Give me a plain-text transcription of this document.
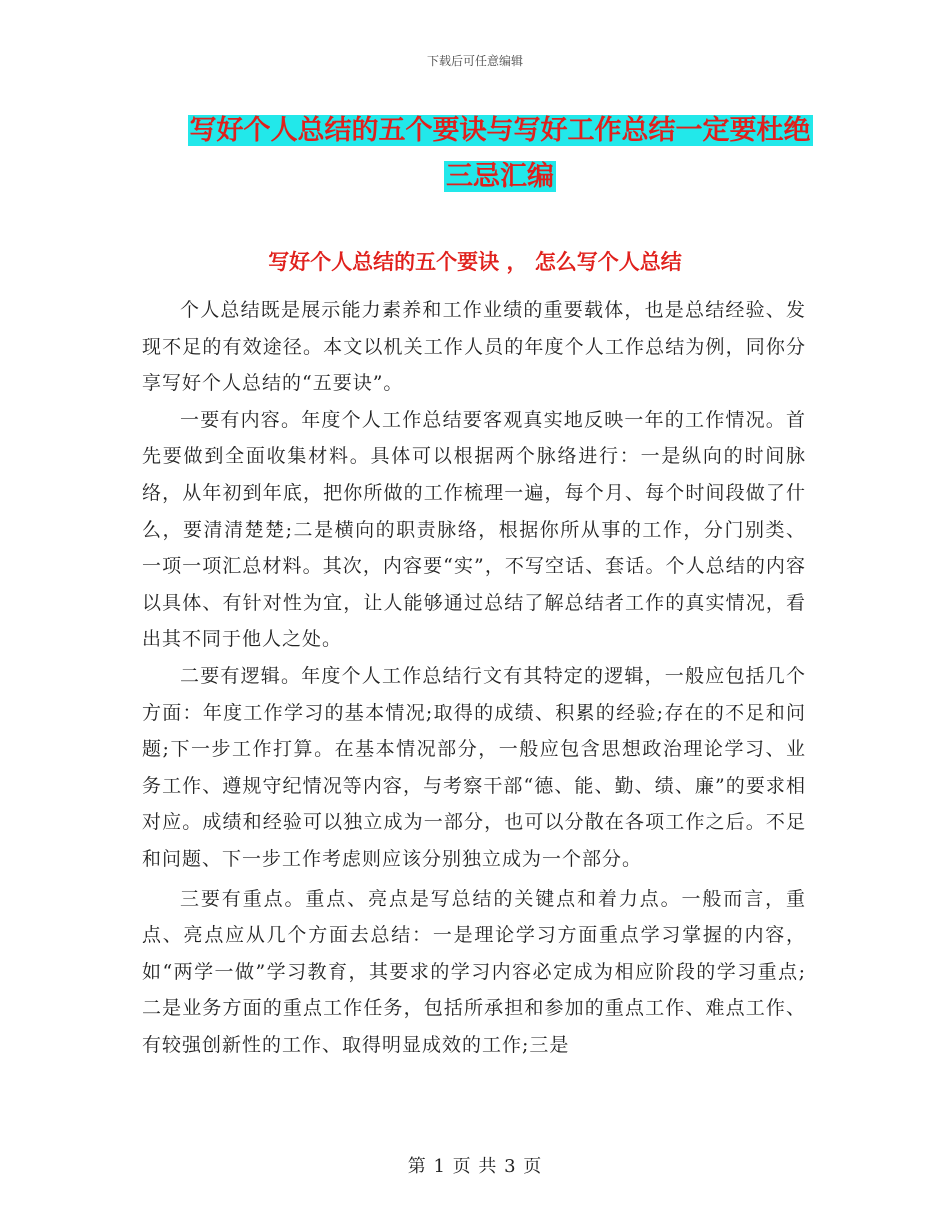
下载后可任意编辑
写好个人总结的五个要诀与写好工作总结一定要杜绝
三忌汇编
写好个人总结的五个要诀 ， 怎么写个人总结

个人总结既是展示能力素养和工作业绩的重要载体，也是总结经验、发现不足的有效途径。本文以机关工作人员的年度个人工作总结为例，同你分享写好个人总结的“五要诀”。

一要有内容。年度个人工作总结要客观真实地反映一年的工作情况。首先要做到全面收集材料。具体可以根据两个脉络进行：一是纵向的时间脉络，从年初到年底，把你所做的工作梳理一遍，每个月、每个时间段做了什么，要清清楚楚;二是横向的职责脉络，根据你所从事的工作，分门别类、一项一项汇总材料。其次，内容要“实”，不写空话、套话。个人总结的内容以具体、有针对性为宜，让人能够通过总结了解总结者工作的真实情况，看出其不同于他人之处。

二要有逻辑。年度个人工作总结行文有其特定的逻辑，一般应包括几个方面：年度工作学习的基本情况;取得的成绩、积累的经验;存在的不足和问题;下一步工作打算。在基本情况部分，一般应包含思想政治理论学习、业务工作、遵规守纪情况等内容，与考察干部“德、能、勤、绩、廉”的要求相对应。成绩和经验可以独立成为一部分，也可以分散在各项工作之后。不足和问题、下一步工作考虑则应该分别独立成为一个部分。

三要有重点。重点、亮点是写总结的关键点和着力点。一般而言，重点、亮点应从几个方面去总结：一是理论学习方面重点学习掌握的内容，如“两学一做”学习教育，其要求的学习内容必定成为相应阶段的学习重点;二是业务方面的重点工作任务，包括所承担和参加的重点工作、难点工作、有较强创新性的工作、取得明显成效的工作;三是

第 1 页 共 3 页
